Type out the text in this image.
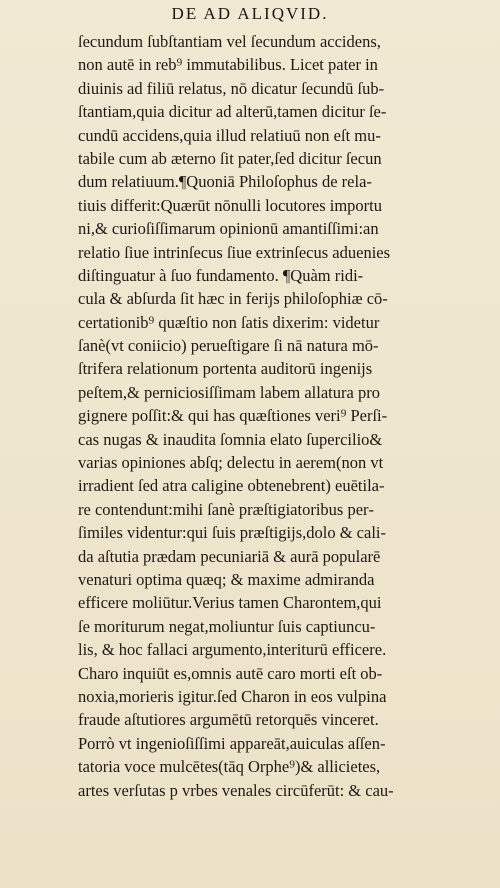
DE AD ALIQVID.
ſecundum ſubſtantiam vel ſecundum accidens,
non autē in reb⁹ immutabilibus. Licet pater in
diuinis ad filiū relatus, nō dicatur ſecundū ſub‑
ſtantiam,quia dicitur ad alterū,tamen dicitur ſe‑
cundū accidens,quia illud relatiuū non eſt mu‑
tabile cum ab æterno ſit pater,ſed dicitur ſecun
dum relatiuum.¶Quoniā Philoſophus de rela‑
tiuis differit:Quærūt nōnulli locutores importu
ni,& curioſiſſimarum opinionū amantiſſimi:an
relatio ſiue intrinſecus ſiue extrinſecus aduenies
diſtinguatur à ſuo fundamento. ¶Quàm ridi‑
cula & abſurda ſit hæc in ferijs philoſophiæ cō‑
certationib⁹ quæſtio non ſatis dixerim: videtur
ſanè(vt coniicio) perueſtigare ſi nā natura mō‑
ſtrifera relationum portenta auditorū ingenijs
peſtem,& perniciosiſſimam labem allatura pro
gignere poſſit:& qui has quæſtiones veri⁹ Perſi‑
cas nugas & inaudita ſomnia elato ſupercilio&
varias opiniones abſq; delectu in aerem(non vt
irradient ſed atra caligine obtenebrent) euētila‑
re contendunt:mihi ſanè præſtigiatoribus per‑
ſimiles videntur:qui ſuis præſtigijs,dolo & cali‑
da aſtutia prædam pecuniariā & aurā popularē
venaturi optima quæq; & maxime admiranda
efficere moliūtur.Verius tamen Charontem,qui
ſe moriturum negat,moliuntur ſuis captiuncu‑
lis, & hoc fallaci argumento,interiturū efficere.
Charo inquiūt es,omnis autē caro morti eſt ob‑
noxia,morieris igitur.ſed Charon in eos vulpina
fraude aſtutiores argumētū retorquēs vinceret.
Porrò vt ingenioſiſſimi appareāt,auiculas aſſen‑
tatoria voce mulcētes(tāq Orphe⁹)& allicietes,
artes verſutas p vrbes venales circūferūt: & cau‑
